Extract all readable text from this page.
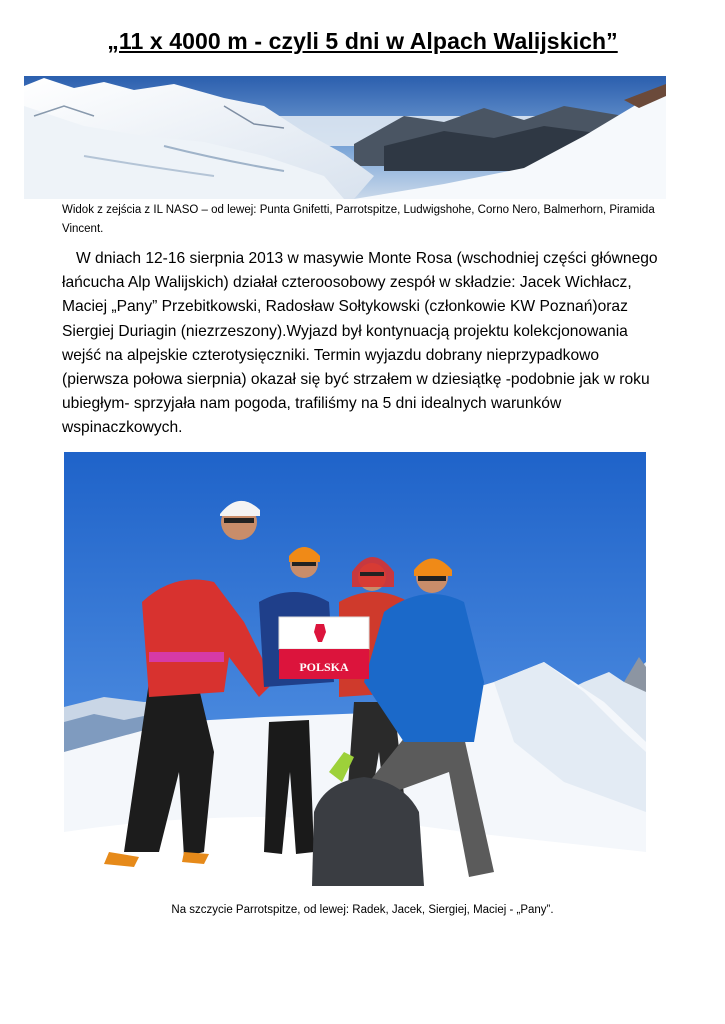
„11 x 4000 m - czyli 5 dni w Alpach Walijskich”
Widok z zejścia z IL NASO – od lewej: Punta Gnifetti, Parrotspitze, Ludwigshohe, Corno Nero, Balmerhorn, Piramida Vincent.
W dniach 12-16 sierpnia 2013 w masywie Monte Rosa (wschodniej części głównego łańcucha Alp Walijskich) działał czteroosobowy zespół w składzie: Jacek Wichłacz, Maciej „Pany” Przebitkowski, Radosław Sołtykowski (członkowie KW Poznań)oraz Siergiej Duriagin (niezrzeszony).Wyjazd był kontynuacją projektu kolekcjonowania wejść na alpejskie czterotysięczniki. Termin wyjazdu dobrany nieprzypadkowo (pierwsza połowa sierpnia) okazał się być strzałem w dziesiątkę -podobnie jak w roku ubiegłym- sprzyjała nam pogoda, trafiliśmy na 5 dni idealnych warunków wspinaczkowych.
POLSKA
Na szczycie Parrotspitze, od lewej: Radek, Jacek, Siergiej, Maciej - „Pany”.
